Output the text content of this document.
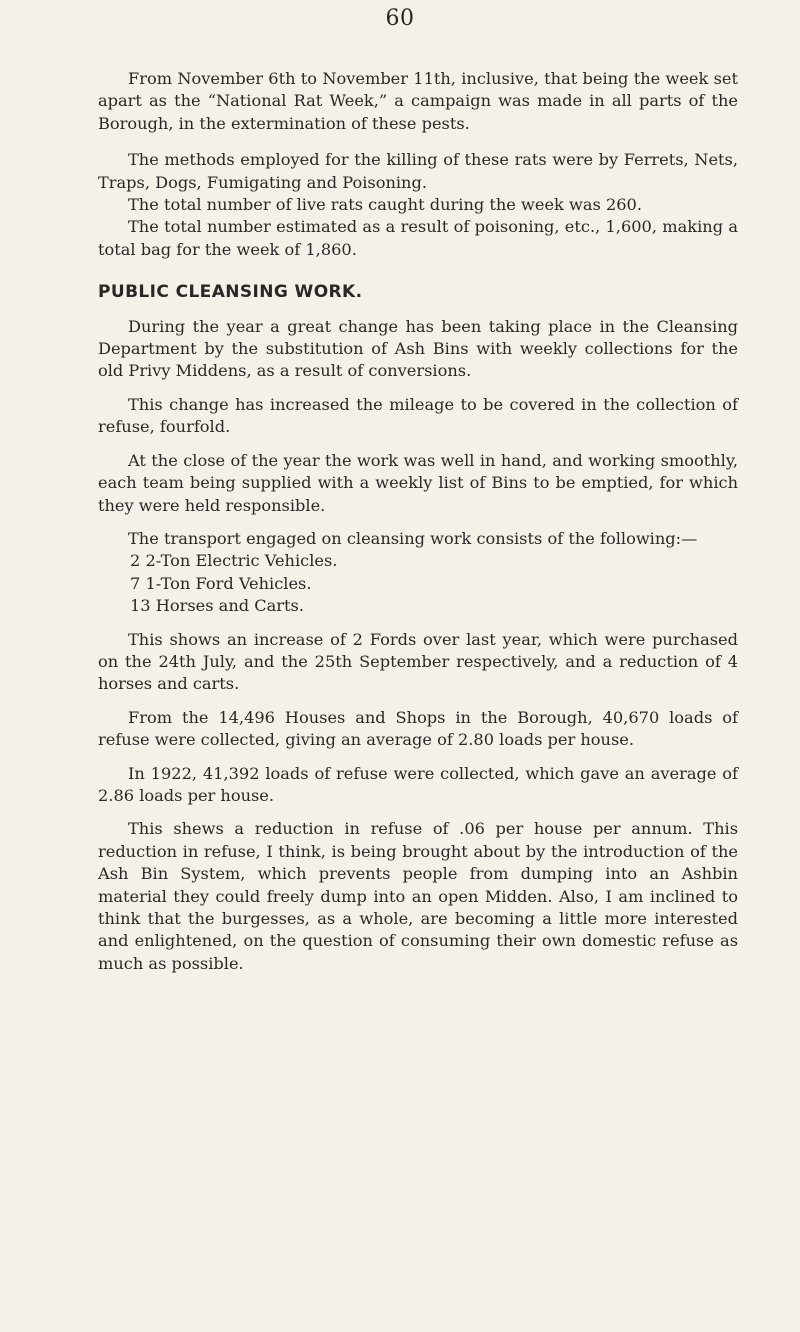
60

From November 6th to November 11th, inclusive, that being the week set apart as the “National Rat Week,” a campaign was made in all parts of the Borough, in the extermination of these pests.

The methods employed for the killing of these rats were by Ferrets, Nets, Traps, Dogs, Fumigating and Poisoning.

The total number of live rats caught during the week was 260.

The total number estimated as a result of poisoning, etc., 1,600, making a total bag for the week of 1,860.

PUBLIC CLEANSING WORK.

During the year a great change has been taking place in the Cleansing Department by the substitution of Ash Bins with weekly collections for the old Privy Middens, as a result of conversions.

This change has increased the mileage to be covered in the collection of refuse, fourfold.

At the close of the year the work was well in hand, and working smoothly, each team being supplied with a weekly list of Bins to be emptied, for which they were held responsible.

The transport engaged on cleansing work consists of the following:—

2 2-Ton Electric Vehicles.

7 1-Ton Ford Vehicles.

13 Horses and Carts.

This shows an increase of 2 Fords over last year, which were purchased on the 24th July, and the 25th September respectively, and a reduction of 4 horses and carts.

From the 14,496 Houses and Shops in the Borough, 40,670 loads of refuse were collected, giving an average of 2.80 loads per house.

In 1922, 41,392 loads of refuse were collected, which gave an average of 2.86 loads per house.

This shews a reduction in refuse of .06 per house per annum. This reduction in refuse, I think, is being brought about by the introduction of the Ash Bin System, which prevents people from dumping into an Ashbin material they could freely dump into an open Midden. Also, I am inclined to think that the burgesses, as a whole, are becoming a little more interested and enlightened, on the question of consuming their own domestic refuse as much as possible.
